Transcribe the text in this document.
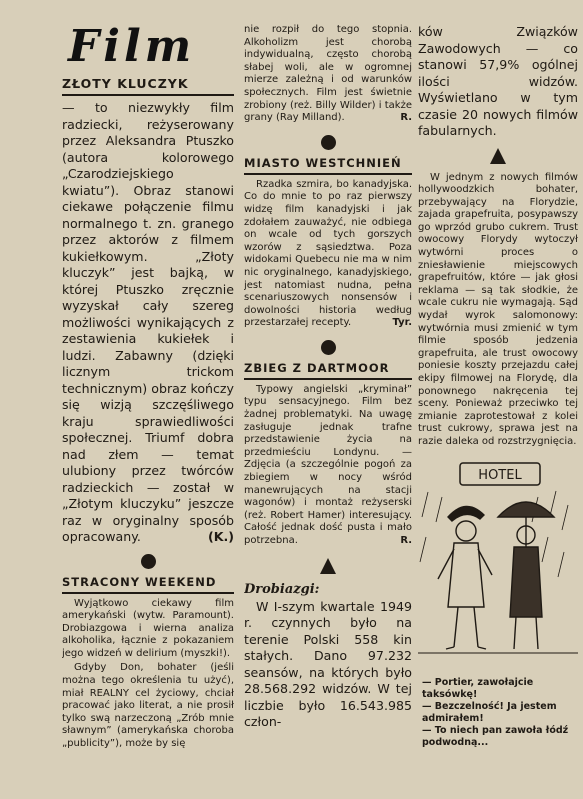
Film
ZŁOTY KLUCZYK

— to niezwykły film radziecki, reżyserowany przez Aleksandra Ptuszko (autora kolorowego „Czarodziejskiego kwiatu”). Obraz stanowi ciekawe połączenie filmu normalnego t. zn. granego przez aktorów z filmem kukiełkowym. „Złoty kluczyk” jest bajką, w której Ptuszko zręcznie wyzyskał cały szereg możliwości wynikających z zestawienia kukiełek i ludzi. Zabawny (dzięki licznym trickom technicznym) obraz kończy się wizją szczęśliwego kraju sprawiedliwości społecznej. Triumf dobra nad złem — temat ulubiony przez twórców radzieckich — został w „Złotym kluczyku” jeszcze raz w oryginalny sposób opracowany.	(K.)

STRACONY WEEKEND

Wyjątkowo ciekawy film amerykański (wytw. Paramount). Drobiazgowa i wierna analiza alkoholika, łącznie z pokazaniem jego widzeń w delirium (myszki!).

Gdyby Don, bohater (jeśli można tego określenia tu użyć), miał REALNY cel życiowy, chciał pracować jako literat, a nie prosił tylko swą narzeczoną „Zrób mnie sławnym” (amerykańska choroba „publicity”), może by się

nie rozpił do tego stopnia. Alkoholizm jest chorobą indywidualną, często chorobą słabej woli, ale w ogromnej mierze zależną i od warunków społecznych. Film jest świetnie zrobiony (reż. Billy Wilder) i także grany (Ray Milland).	R.

MIASTO WESTCHNIEŃ

Rzadka szmira, bo kanadyjska. Co do mnie to po raz pierwszy widzę film kanadyjski i jak zdołałem zauważyć, nie odbiega on wcale od tych gorszych wzorów z sąsiedztwa. Poza widokami Quebecu nie ma w nim nic oryginalnego, kanadyjskiego, jest natomiast nudna, pełna scenariuszowych nonsensów i dowolności historia według przestarzałej recepty.	Tyr.

ZBIEG Z DARTMOOR

Typowy angielski „kryminał” typu sensacyjnego. Film bez żadnej problematyki. Na uwagę zasługuje jednak trafne przedstawienie życia na przedmieściu Londynu. — Zdjęcia (a szczególnie pogoń za zbiegiem w nocy wśród manewrujących na stacji wagonów) i montaż reżyserski (reż. Robert Hamer) interesujący. Całość jednak dość pusta i mało potrzebna.	R.

Drobiazgi:

W I-szym kwartale 1949 r. czynnych było na terenie Polski 558 kin stałych. Dano 97.232 seansów, na których było 28.568.292 widzów. W tej liczbie było 16.543.985 człon-

ków Związków Zawodowych — co stanowi 57,9% ogólnej ilości widzów. Wyświetlano w tym czasie 20 nowych filmów fabularnych.

W jednym z nowych filmów hollywoodzkich bohater, przebywający na Florydzie, zajada grapefruita, posypawszy go wprzód grubo cukrem. Trust owocowy Florydy wytoczył wytwórni proces o zniesławienie miejscowych grapefruitów, które — jak głosi reklama — są tak słodkie, że wcale cukru nie wymagają. Sąd wydał wyrok salomonowy: wytwórnia musi zmienić w tym filmie sposób jedzenia grapefruita, ale trust owocowy poniesie koszty przejazdu całej ekipy filmowej na Florydę, dla ponownego nakręcenia tej sceny. Ponieważ przeciwko tej zmianie zaprotestował z kolei trust cukrowy, sprawa jest na razie daleka od rozstrzygnięcia.

HOTEL

— Portier, zawołajcie taksówkę!

— Bezczelność! Ja jestem admirałem!

— To niech pan zawoła łódź podwodną...
